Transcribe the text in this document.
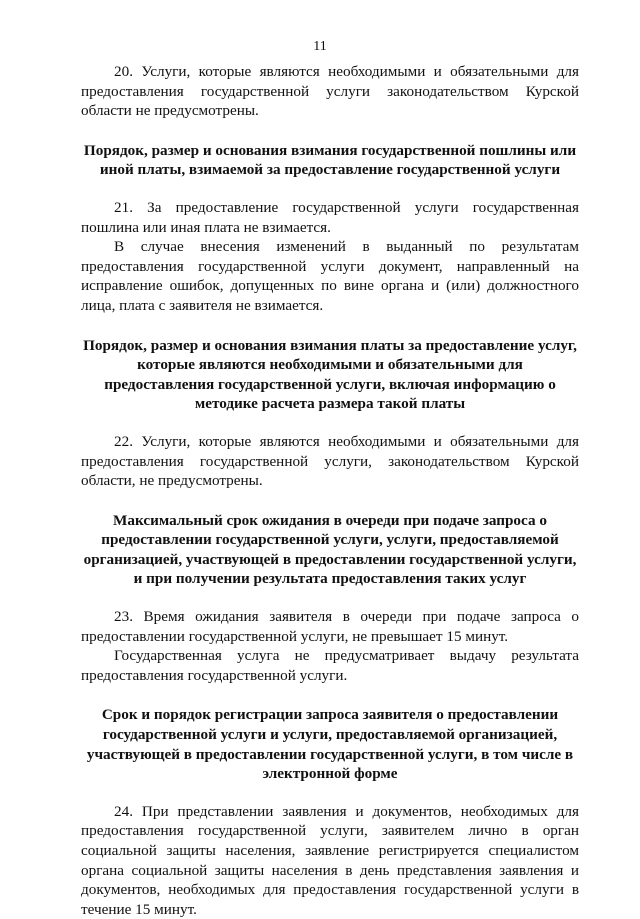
11

20. Услуги, которые являются необходимыми и обязательными для предоставления государственной услуги законодательством Курской области не предусмотрены.

Порядок, размер и основания взимания государственной пошлины или иной платы, взимаемой за предоставление государственной услуги

21. За предоставление государственной услуги государственная пошлина или иная плата не взимается.

В случае внесения изменений в выданный по результатам предоставления государственной услуги документ, направленный на исправление ошибок, допущенных по вине органа и (или) должностного лица, плата с заявителя не взимается.

Порядок, размер и основания взимания платы за предоставление услуг, которые являются необходимыми и обязательными для предоставления государственной услуги, включая информацию о методике расчета размера такой платы

22. Услуги, которые являются необходимыми и обязательными для предоставления государственной услуги, законодательством Курской области, не предусмотрены.

Максимальный срок ожидания в очереди при подаче запроса о предоставлении государственной услуги, услуги, предоставляемой организацией, участвующей в предоставлении государственной услуги, и при получении результата предоставления таких услуг

23. Время ожидания заявителя в очереди при подаче запроса о предоставлении государственной услуги, не превышает 15 минут.

Государственная услуга не предусматривает выдачу результата предоставления государственной услуги.

Срок и порядок регистрации запроса заявителя о предоставлении государственной услуги и услуги, предоставляемой организацией, участвующей в предоставлении государственной услуги, в том числе в электронной форме

24. При представлении заявления и документов, необходимых для предоставления государственной услуги, заявителем лично в орган социальной защиты населения, заявление регистрируется специалистом органа социальной защиты населения в день представления заявления и документов, необходимых для предоставления государственной услуги в течение 15 минут.
